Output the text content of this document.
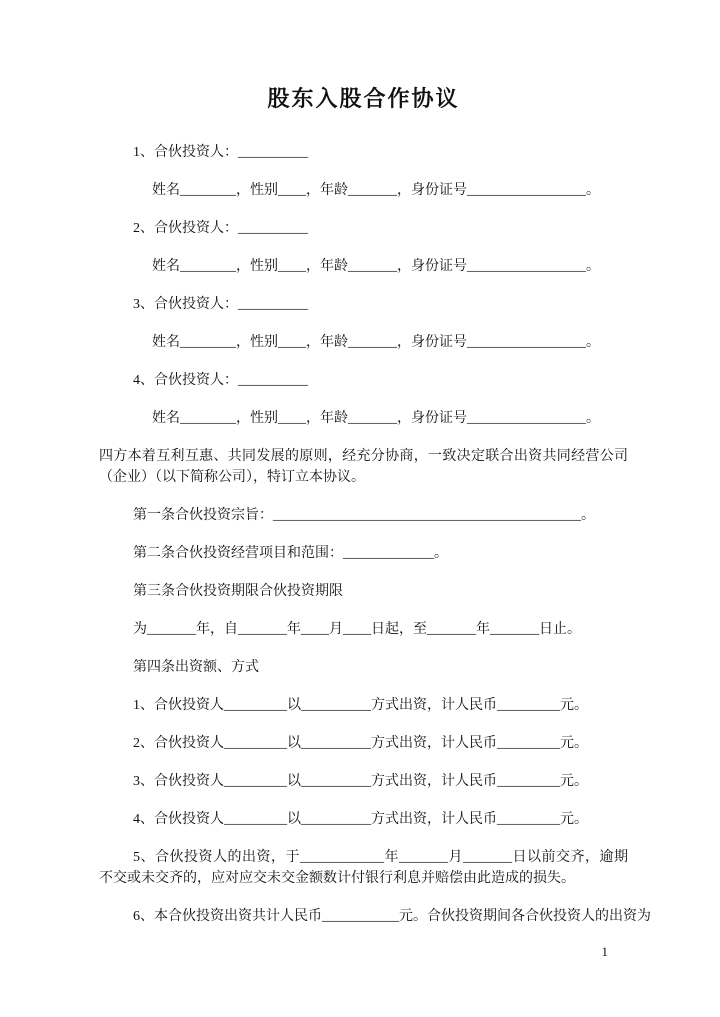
股东入股合作协议

1、合伙投资人：__________

姓名________，性别____，年龄_______，身份证号_________________。

2、合伙投资人：__________

姓名________，性别____，年龄_______，身份证号_________________。

3、合伙投资人：__________

姓名________，性别____，年龄_______，身份证号_________________。

4、合伙投资人：__________

姓名________，性别____，年龄_______，身份证号_________________。

四方本着互利互惠、共同发展的原则，经充分协商，一致决定联合出资共同经营公司（企业）（以下简称公司），特订立本协议。

第一条合伙投资宗旨：____________________________________________。

第二条合伙投资经营项目和范围：_____________。

第三条合伙投资期限合伙投资期限

为_______年，自_______年____月____日起，至_______年_______日止。

第四条出资额、方式

1、合伙投资人_________以__________方式出资，计人民币_________元。

2、合伙投资人_________以__________方式出资，计人民币_________元。

3、合伙投资人_________以__________方式出资，计人民币_________元。

4、合伙投资人_________以__________方式出资，计人民币_________元。

5、合伙投资人的出资，于____________年_______月_______日以前交齐，逾期不交或未交齐的，应对应交未交金额数计付银行利息并赔偿由此造成的损失。

6、本合伙投资出资共计人民币___________元。合伙投资期间各合伙投资人的出资为

1
